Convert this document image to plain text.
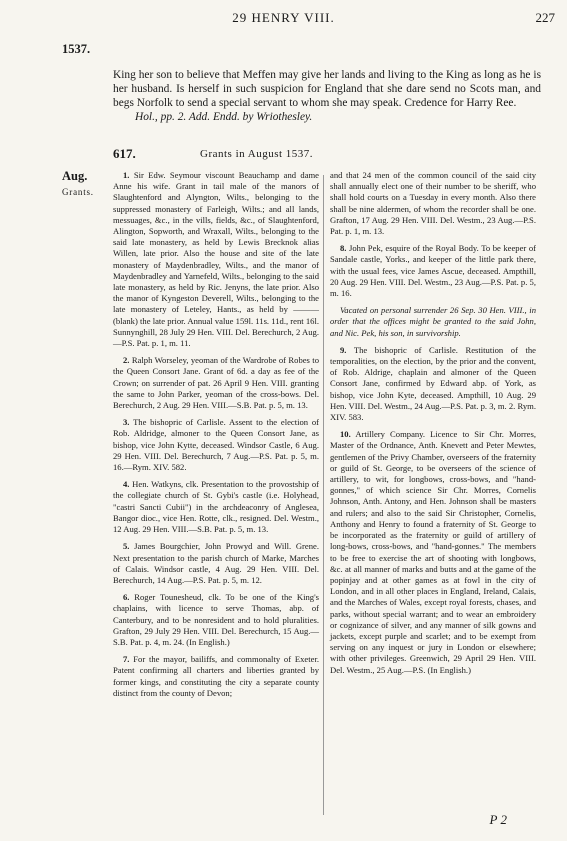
29 HENRY VIII.	227
1537.

King her son to believe that Meffen may give her lands and living to the King as long as he is her husband. Is herself in such suspicion for England that she dare send no Scots man, and begs Norfolk to send a special servant to whom she may speak. Credence for Harry Ree.

Hol., pp. 2. Add. Endd. by Wriothesley.

617.	Grants in August 1537.
Aug.
Grants.

1. Sir Edw. Seymour viscount Beauchamp and dame Anne his wife. Grant in tail male of the manors of Slaughtenford and Alyngton, Wilts., belonging to the suppressed monastery of Farleigh, Wilts.; and all lands, messuages, &c., in the vills, fields, &c., of Slaughtenford, Alington, Sopworth, and Wraxall, Wilts., belonging to the said late monastery, as held by Lewis Brecknok alias Willen, late prior. Also the house and site of the late monastery of Maydenbradley, Wilts., and the manor of Maydenbradley and Yarnefeld, Wilts., belonging to the said late monastery, as held by Ric. Jenyns, the late prior. Also the manor of Kyngeston Deverell, Wilts., belonging to the late monastery of Leteley, Hants., as held by ——— (blank) the late prior. Annual value 159l. 11s. 11d., rent 16l. Sunnynghill, 28 July 29 Hen. VIII. Del. Berechurch, 2 Aug.—P.S. Pat. p. 1, m. 11.

2. Ralph Worseley, yeoman of the Wardrobe of Robes to the Queen Consort Jane. Grant of 6d. a day as fee of the Crown; on surrender of pat. 26 April 9 Hen. VIII. granting the same to John Parker, yeoman of the cross-bows. Del. Berechurch, 2 Aug. 29 Hen. VIII.—S.B. Pat. p. 5, m. 13.

3. The bishopric of Carlisle. Assent to the election of Rob. Aldridge, almoner to the Queen Consort Jane, as bishop, vice John Kytte, deceased. Windsor Castle, 6 Aug. 29 Hen. VIII. Del. Berechurch, 7 Aug.—P.S. Pat. p. 5, m. 16.—Rym. XIV. 582.

4. Hen. Watkyns, clk. Presentation to the provostship of the collegiate church of St. Gybi's castle (i.e. Holyhead, "castri Sancti Cubii") in the archdeaconry of Anglesea, Bangor dioc., vice Hen. Rotte, clk., resigned. Del. Westm., 12 Aug. 29 Hen. VIII.—S.B. Pat. p. 5, m. 13.

5. James Bourgchier, John Prowyd and Will. Grene. Next presentation to the parish church of Marke, Marches of Calais. Windsor castle, 4 Aug. 29 Hen. VIII. Del. Berechurch, 14 Aug.—P.S. Pat. p. 5, m. 12.

6. Roger Tounesheud, clk. To be one of the King's chaplains, with licence to serve Thomas, abp. of Canterbury, and to be nonresident and to hold pluralities. Grafton, 29 July 29 Hen. VIII. Del. Berechurch, 15 Aug.—S.B. Pat. p. 4, m. 24. (In English.)

7. For the mayor, bailiffs, and commonalty of Exeter. Patent confirming all charters and liberties granted by former kings, and constituting the city a separate county distinct from the county of Devon;

and that 24 men of the common council of the said city shall annually elect one of their number to be sheriff, who shall hold courts on a Tuesday in every month. Also there shall be nine aldermen, of whom the recorder shall be one. Grafton, 17 Aug. 29 Hen. VIII. Del. Westm., 23 Aug.—P.S. Pat. p. 1, m. 13.

8. John Pek, esquire of the Royal Body. To be keeper of Sandale castle, Yorks., and keeper of the little park there, with the usual fees, vice James Ascue, deceased. Ampthill, 20 Aug. 29 Hen. VIII. Del. Westm., 23 Aug.—P.S. Pat. p. 5, m. 16.

Vacated on personal surrender 26 Sep. 30 Hen. VIII., in order that the offices might be granted to the said John, and Nic. Pek, his son, in survivorship.

9. The bishopric of Carlisle. Restitution of the temporalities, on the election, by the prior and the convent, of Rob. Aldrige, chaplain and almoner of the Queen Consort Jane, confirmed by Edward abp. of York, as bishop, vice John Kyte, deceased. Ampthill, 10 Aug. 29 Hen. VIII. Del. Westm., 24 Aug.—P.S. Pat. p. 3, m. 2. Rym. XIV. 583.

10. Artillery Company. Licence to Sir Chr. Morres, Master of the Ordnance, Anth. Knevett and Peter Mewtes, gentlemen of the Privy Chamber, overseers of the fraternity or guild of St. George, to be overseers of the science of artillery, to wit, for longbows, cross-bows, and "hand-gonnes," of which science Sir Chr. Morres, Cornelis Johnson, Anth. Antony, and Hen. Johnson shall be masters and rulers; and also to the said Sir Christopher, Cornelis, Anthony and Henry to found a fraternity of St. George to be incorporated as the fraternity or guild of artillery of long-bows, cross-bows, and "hand-gonnes." The members to be free to exercise the art of shooting with longbows, &c. at all manner of marks and butts and at the game of the popinjay and at other games as at fowl in the city of London, and in all other places in England, Ireland, Calais, and the Marches of Wales, except royal forests, chases, and parks, without special warrant; and to wear an embroidery or cognizance of silver, and any manner of silk gowns and jackets, except purple and scarlet; and to be exempt from serving on any inquest or jury in London or elsewhere; with other privileges. Greenwich, 29 April 29 Hen. VIII. Del. Westm., 25 Aug.—P.S. (In English.)

P 2
